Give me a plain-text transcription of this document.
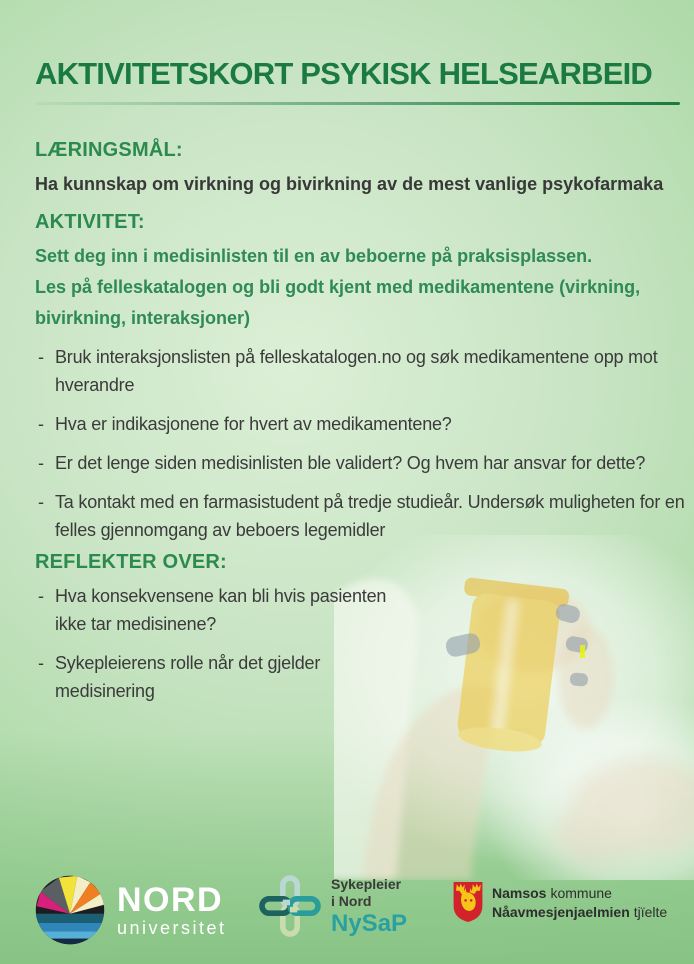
AKTIVITETSKORT PSYKISK HELSEARBEID
LÆRINGSMÅL:
Ha kunnskap om virkning og bivirkning av de mest vanlige psykofarmaka
AKTIVITET:

Sett deg inn i medisinlisten til en av beboerne på praksisplassen.

Les på felleskatalogen og bli godt kjent med medikamentene (virkning, bivirkning, interaksjoner)

- Bruk interaksjonslisten på felleskatalogen.no og søk medikamentene opp mot hverandre
- Hva er indikasjonene for hvert av medikamentene?
- Er det lenge siden medisinlisten ble validert? Og hvem har ansvar for dette?
- Ta kontakt med en farmasistudent på tredje studieår. Undersøk muligheten for en felles gjennomgang av beboers legemidler
REFLEKTER OVER:
- Hva konsekvensene kan bli hvis pasienten ikke tar medisinene?
- Sykepleierens rolle når det gjelder medisinering
NORD
universitet
Sykepleier
i Nord
NySaP
Namsos kommune
Nåavmesjenjaelmien tjïelte
